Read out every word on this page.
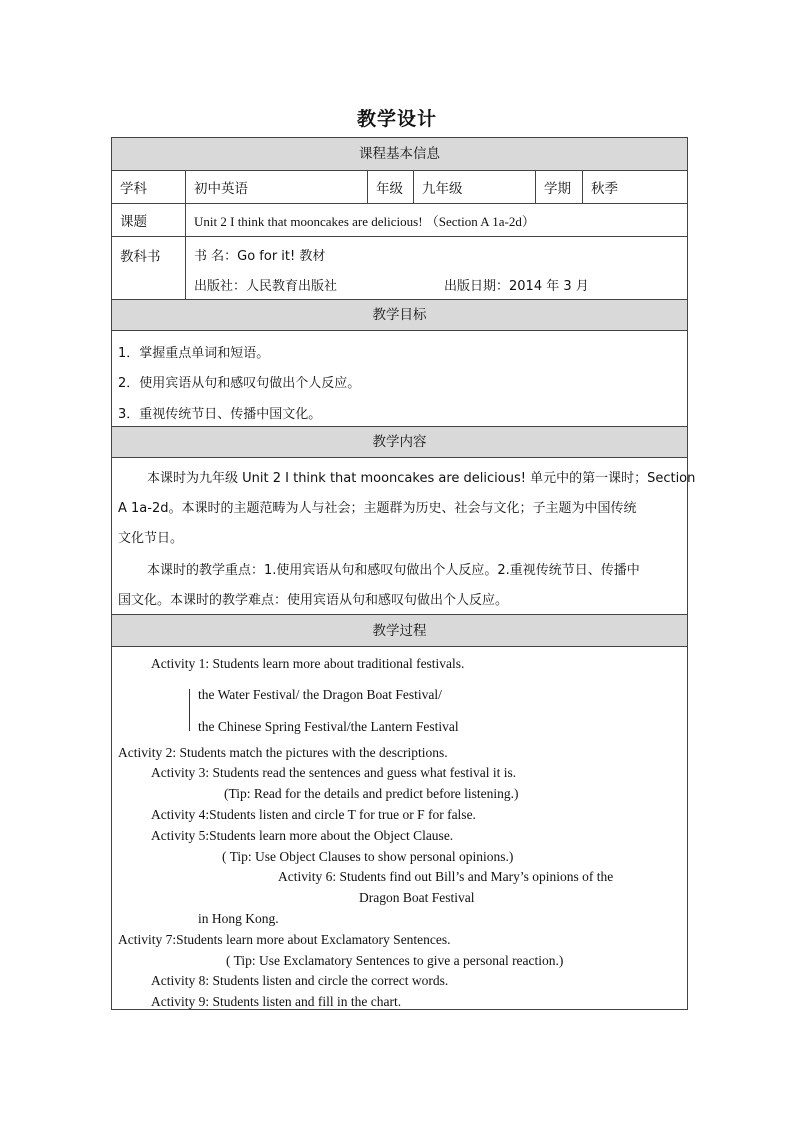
教学设计
课程基本信息
学科	初中英语	年级	九年级	学期	秋季
课题	Unit 2 I think that mooncakes are delicious! （Section A 1a-2d）
教科书	书 名：Go for it! 教材
出版社：人民教育出版社	出版日期：2014 年 3 月
教学目标
1．掌握重点单词和短语。
2．使用宾语从句和感叹句做出个人反应。
3．重视传统节日、传播中国文化。
教学内容
本课时为九年级 Unit 2 I think that mooncakes are delicious! 单元中的第一课时；Section
A 1a-2d。本课时的主题范畴为人与社会；主题群为历史、社会与文化；子主题为中国传统
文化节日。
本课时的教学重点：1.使用宾语从句和感叹句做出个人反应。2.重视传统节日、传播中
国文化。本课时的教学难点：使用宾语从句和感叹句做出个人反应。
教学过程
Activity 1: Students learn more about traditional festivals.
the Water Festival/ the Dragon Boat Festival/
the Chinese Spring Festival/the Lantern Festival
Activity 2: Students match the pictures with the descriptions.
Activity 3: Students read the sentences and guess what festival it is.
(Tip: Read for the details and predict before listening.)
Activity 4:Students listen and circle T for true or F for false.
Activity 5:Students learn more about the Object Clause.
( Tip: Use Object Clauses to show personal opinions.)
Activity 6: Students find out Bill’s and Mary’s opinions of the
Dragon Boat Festival
in Hong Kong.
Activity 7:Students learn more about Exclamatory Sentences.
( Tip: Use Exclamatory Sentences to give a personal reaction.)
Activity 8: Students listen and circle the correct words.
Activity 9: Students listen and fill in the chart.
